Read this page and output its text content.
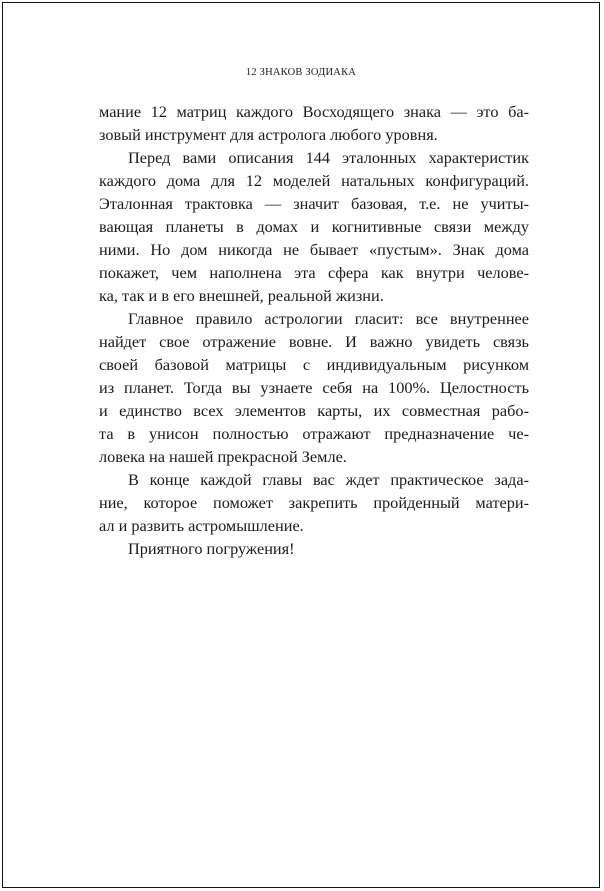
12 ЗНАКОВ ЗОДИАКА
мание 12 матриц каждого Восходящего знака — это ба-
зовый инструмент для астролога любого уровня.
Перед вами описания 144 эталонных характеристик
каждого дома для 12 моделей натальных конфигураций.
Эталонная трактовка — значит базовая, т.е. не учиты-
вающая планеты в домах и когнитивные связи между
ними. Но дом никогда не бывает «пустым». Знак дома
покажет, чем наполнена эта сфера как внутри челове-
ка, так и в его внешней, реальной жизни.
Главное правило астрологии гласит: все внутреннее
найдет свое отражение вовне. И важно увидеть связь
своей базовой матрицы с индивидуальным рисунком
из планет. Тогда вы узнаете себя на 100%. Целостность
и единство всех элементов карты, их совместная рабо-
та в унисон полностью отражают предназначение че-
ловека на нашей прекрасной Земле.
В конце каждой главы вас ждет практическое зада-
ние, которое поможет закрепить пройденный матери-
ал и развить астромышление.
Приятного погружения!
